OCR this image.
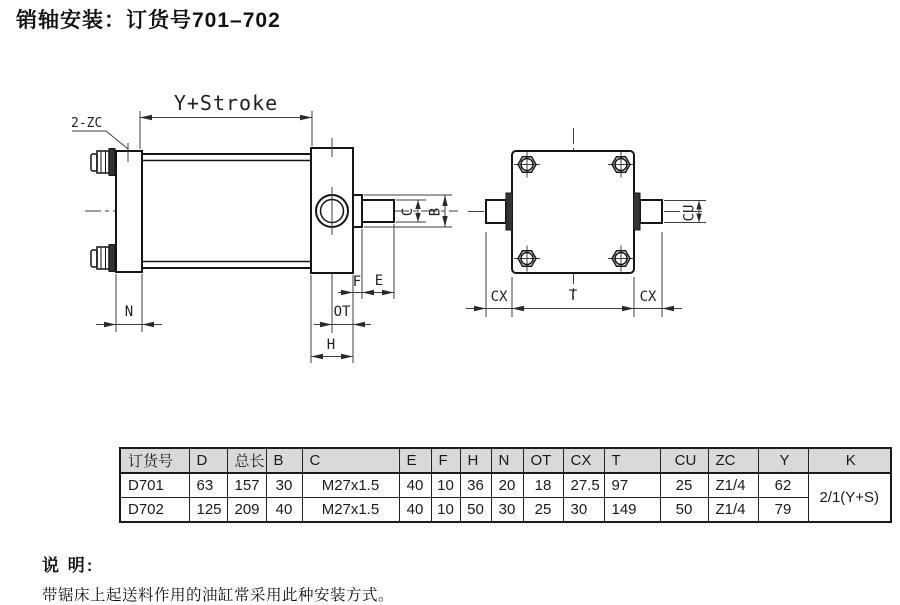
销轴安装：订货号701–702
Y+Stroke
2-ZC
N
F E
OT
H
C B	CU
CX	T	CX
订货号	D	总长	B	C	E	F	H	N	OT	CX	T	CU	ZC	Y	K
D701	63	157	30	M27x1.5	40	10	36	20	18	27.5	97	25	Z1/4	62	2/1(Y+S)
D702	125	209	40	M27x1.5	40	10	50	30	25	30	149	50	Z1/4	79	
说 明:
带锯床上起送料作用的油缸常采用此种安装方式。
